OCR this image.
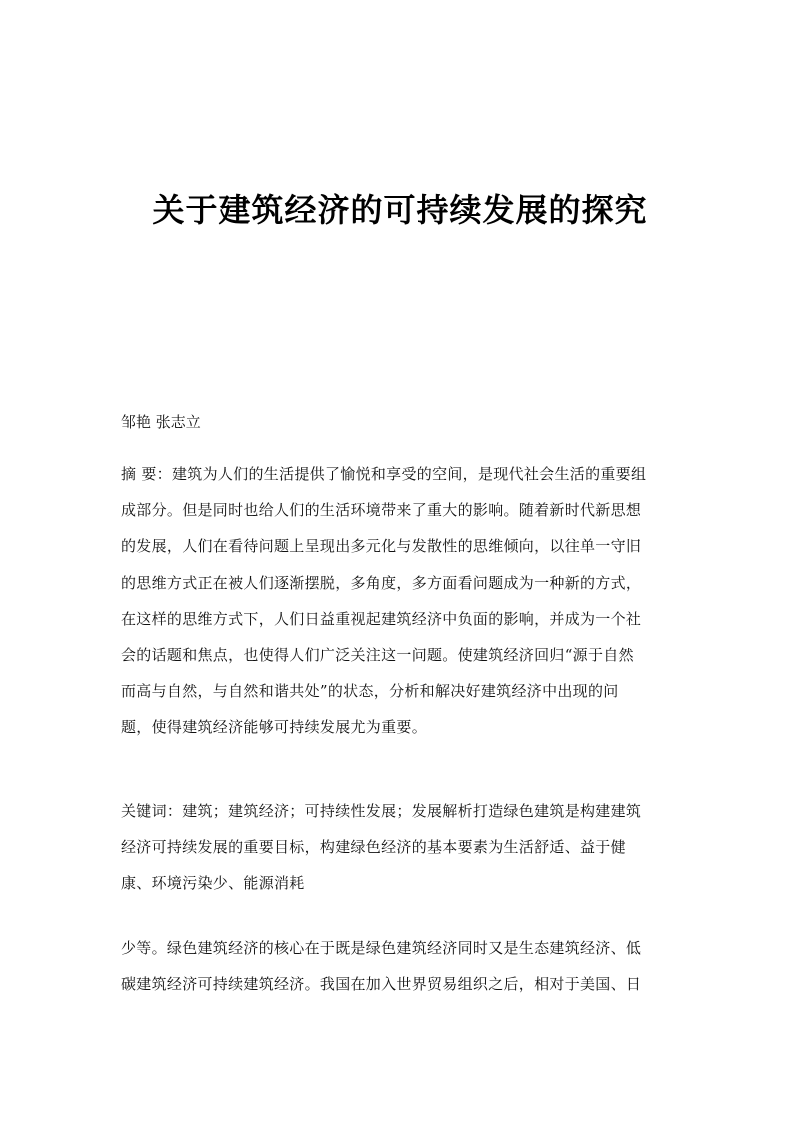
关于建筑经济的可持续发展的探究

邹艳 张志立

摘 要：建筑为人们的生活提供了愉悦和享受的空间，是现代社会生活的重要组
成部分。但是同时也给人们的生活环境带来了重大的影响。随着新时代新思想
的发展，人们在看待问题上呈现出多元化与发散性的思维倾向，以往单一守旧
的思维方式正在被人们逐渐摆脱，多角度，多方面看问题成为一种新的方式，
在这样的思维方式下，人们日益重视起建筑经济中负面的影响，并成为一个社
会的话题和焦点，也使得人们广泛关注这一问题。使建筑经济回归“源于自然
而高与自然，与自然和谐共处”的状态，分析和解决好建筑经济中出现的问
题，使得建筑经济能够可持续发展尤为重要。
关键词：建筑；建筑经济；可持续性发展；发展解析打造绿色建筑是构建建筑
经济可持续发展的重要目标，构建绿色经济的基本要素为生活舒适、益于健
康、环境污染少、能源消耗
少等。绿色建筑经济的核心在于既是绿色建筑经济同时又是生态建筑经济、低
碳建筑经济可持续建筑经济。我国在加入世界贸易组织之后，相对于美国、日
